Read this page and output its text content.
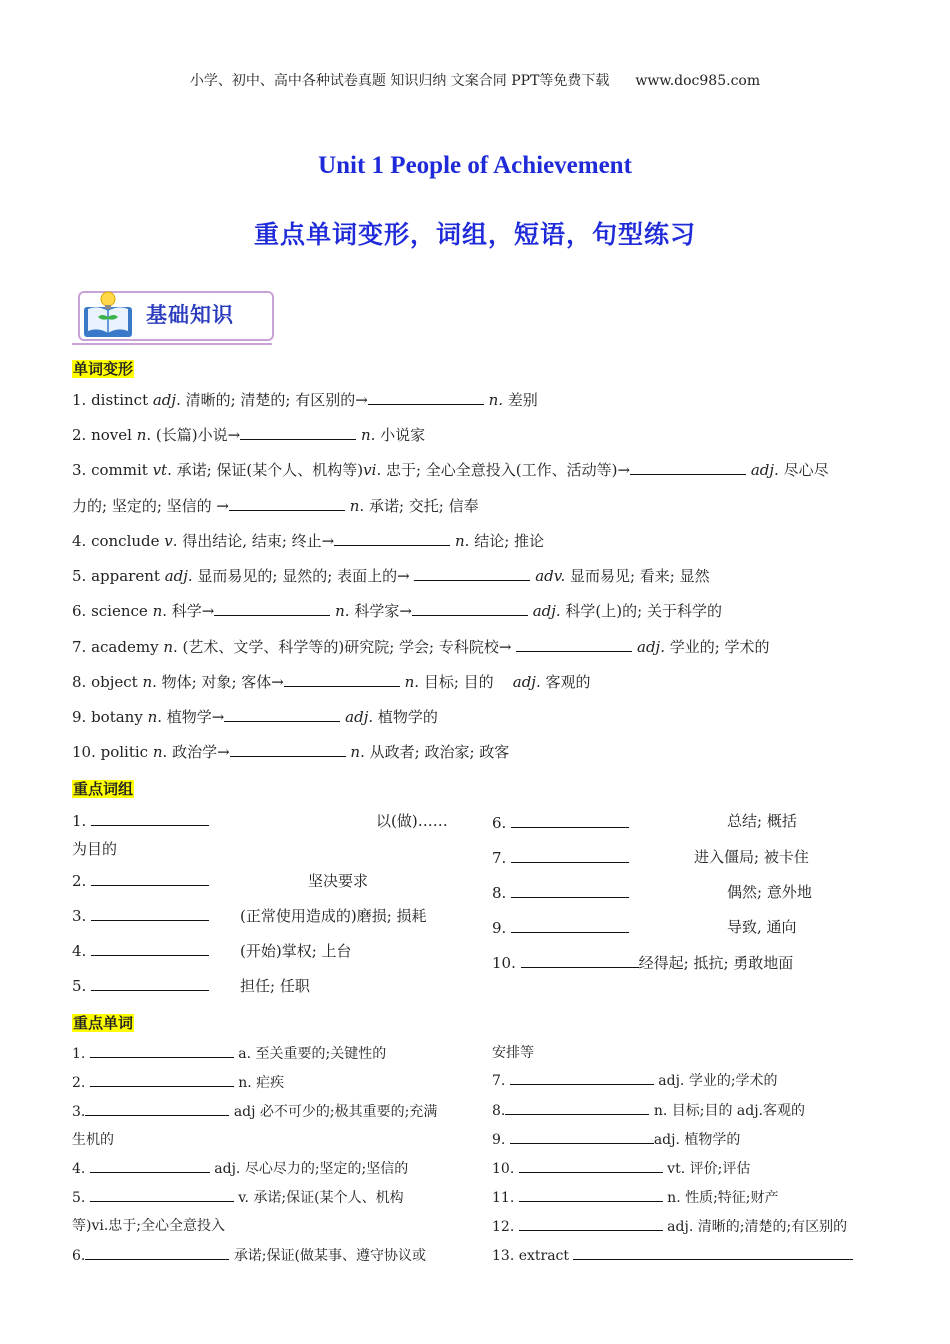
小学、初中、高中各种试卷真题 知识归纳 文案合同 PPT等免费下载 www.doc985.com
Unit 1 People of Achievement
重点单词变形，词组，短语，句型练习
基础知识
单词变形
1. distinct adj. 清晰的; 清楚的; 有区别的→	n. 差别
2. novel n. (长篇)小说→	n. 小说家
3. commit vt. 承诺; 保证(某个人、机构等)vi. 忠于; 全心全意投入(工作、活动等)→	adj. 尽心尽
力的; 坚定的; 坚信的 →	n. 承诺; 交托; 信奉
4. conclude v. 得出结论, 结束; 终止→	n. 结论; 推论
5. apparent adj. 显而易见的; 显然的; 表面上的→	adv. 显而易见; 看来; 显然
6. science n. 科学→	n. 科学家→	adj. 科学(上)的; 关于科学的
7. academy n. (艺术、文学、科学等的)研究院; 学会; 专科院校→	adj. 学业的; 学术的
8. object n. 物体; 对象; 客体→	n. 目标; 目的    adj. 客观的
9. botany n. 植物学→	adj. 植物学的
10. politic n. 政治学→	n. 从政者; 政治家; 政客
重点词组
1.	以(做)……
为目的
2.	坚决要求
3.	(正常使用造成的)磨损; 损耗
4.	(开始)掌权; 上台
5.	担任; 任职
6.	总结; 概括
7.	进入僵局; 被卡住
8.	偶然; 意外地
9.	导致, 通向
10.	经得起; 抵抗; 勇敢地面
重点单词
1.	a. 至关重要的;关键性的
2.	n. 疟疾
3.	adj 必不可少的;极其重要的;充满
生机的
4.	adj. 尽心尽力的;坚定的;坚信的
5.	v. 承诺;保证(某个人、机构
等)vi.忠于;全心全意投入
6.	承诺;保证(做某事、遵守协议或
安排等
7.	adj. 学业的;学术的
8.	n. 目标;目的 adj.客观的
9.	adj. 植物学的
10.	vt. 评价;评估
11.	n. 性质;特征;财产
12.	adj. 清晰的;清楚的;有区别的
13. extract
